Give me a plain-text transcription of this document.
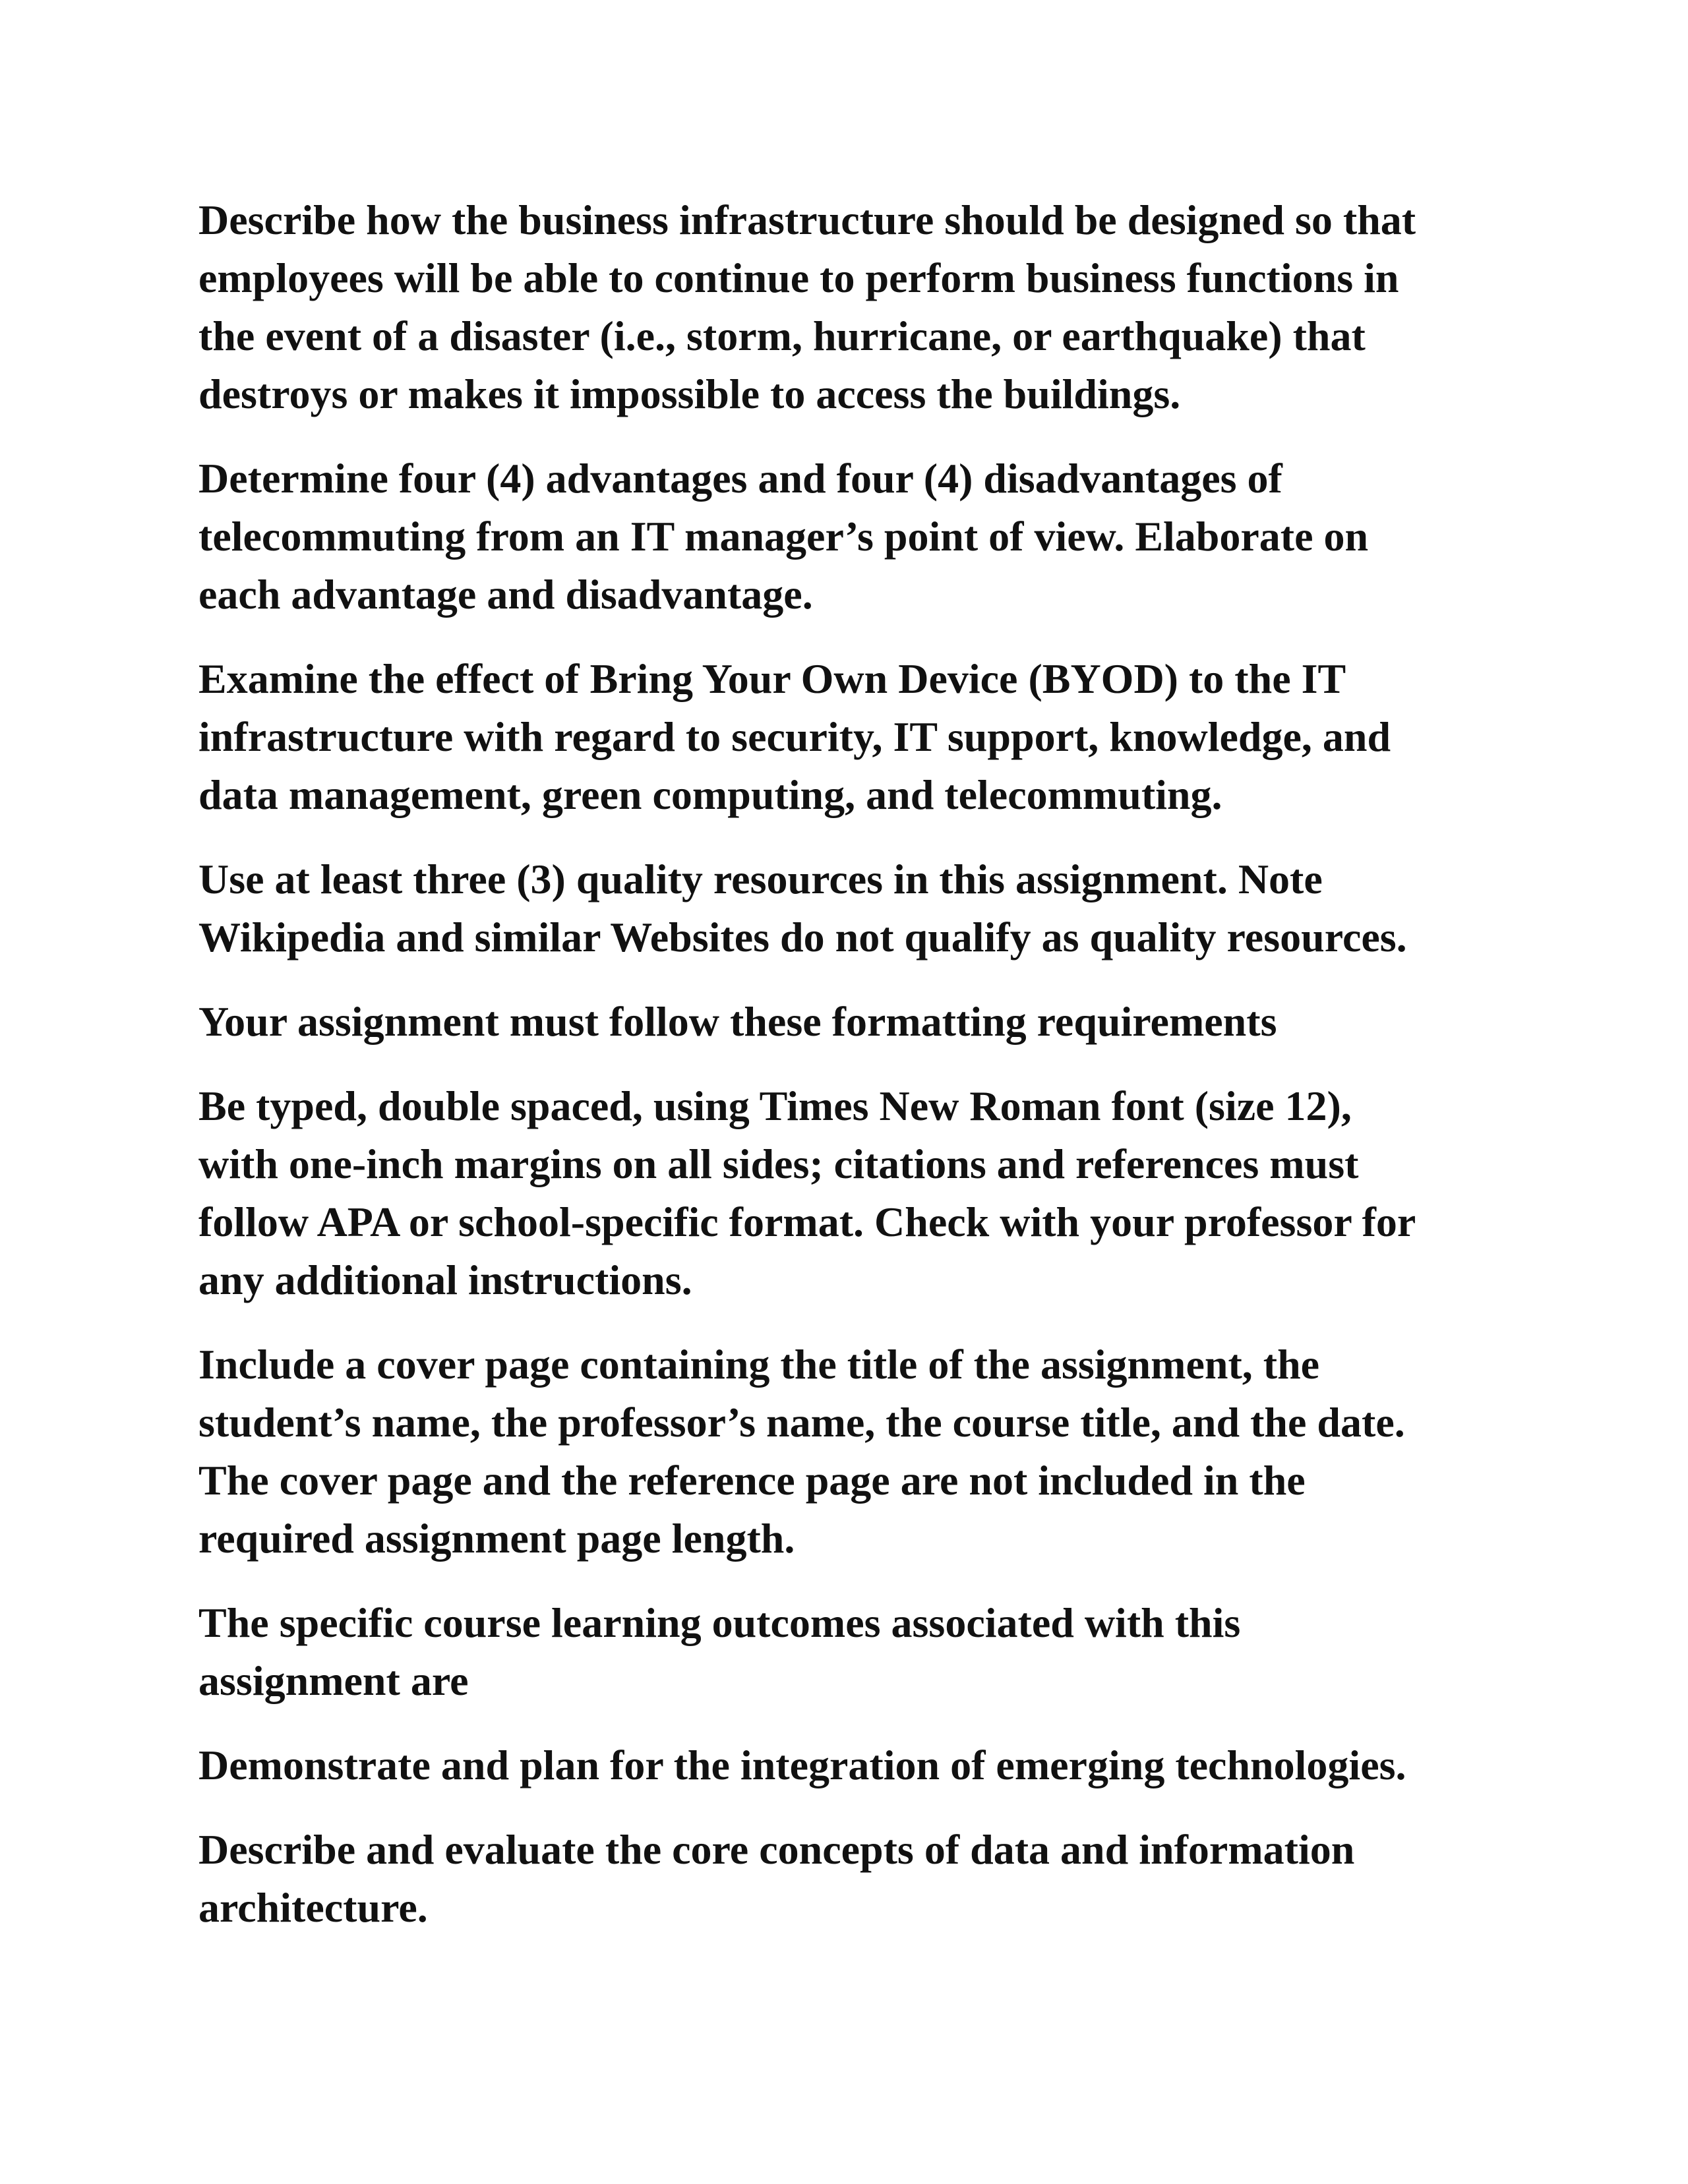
Describe how the business infrastructure should be designed so that
employees will be able to continue to perform business functions in
the event of a disaster (i.e., storm, hurricane, or earthquake) that
destroys or makes it impossible to access the buildings.

Determine four (4) advantages and four (4) disadvantages of
telecommuting from an IT manager’s point of view. Elaborate on
each advantage and disadvantage.

Examine the effect of Bring Your Own Device (BYOD) to the IT
infrastructure with regard to security, IT support, knowledge, and
data management, green computing, and telecommuting.

Use at least three (3) quality resources in this assignment. Note
Wikipedia and similar Websites do not qualify as quality resources.

Your assignment must follow these formatting requirements

Be typed, double spaced, using Times New Roman font (size 12),
with one-inch margins on all sides; citations and references must
follow APA or school-specific format. Check with your professor for
any additional instructions.

Include a cover page containing the title of the assignment, the
student’s name, the professor’s name, the course title, and the date.
The cover page and the reference page are not included in the
required assignment page length.

The specific course learning outcomes associated with this
assignment are

Demonstrate and plan for the integration of emerging technologies.

Describe and evaluate the core concepts of data and information
architecture.
